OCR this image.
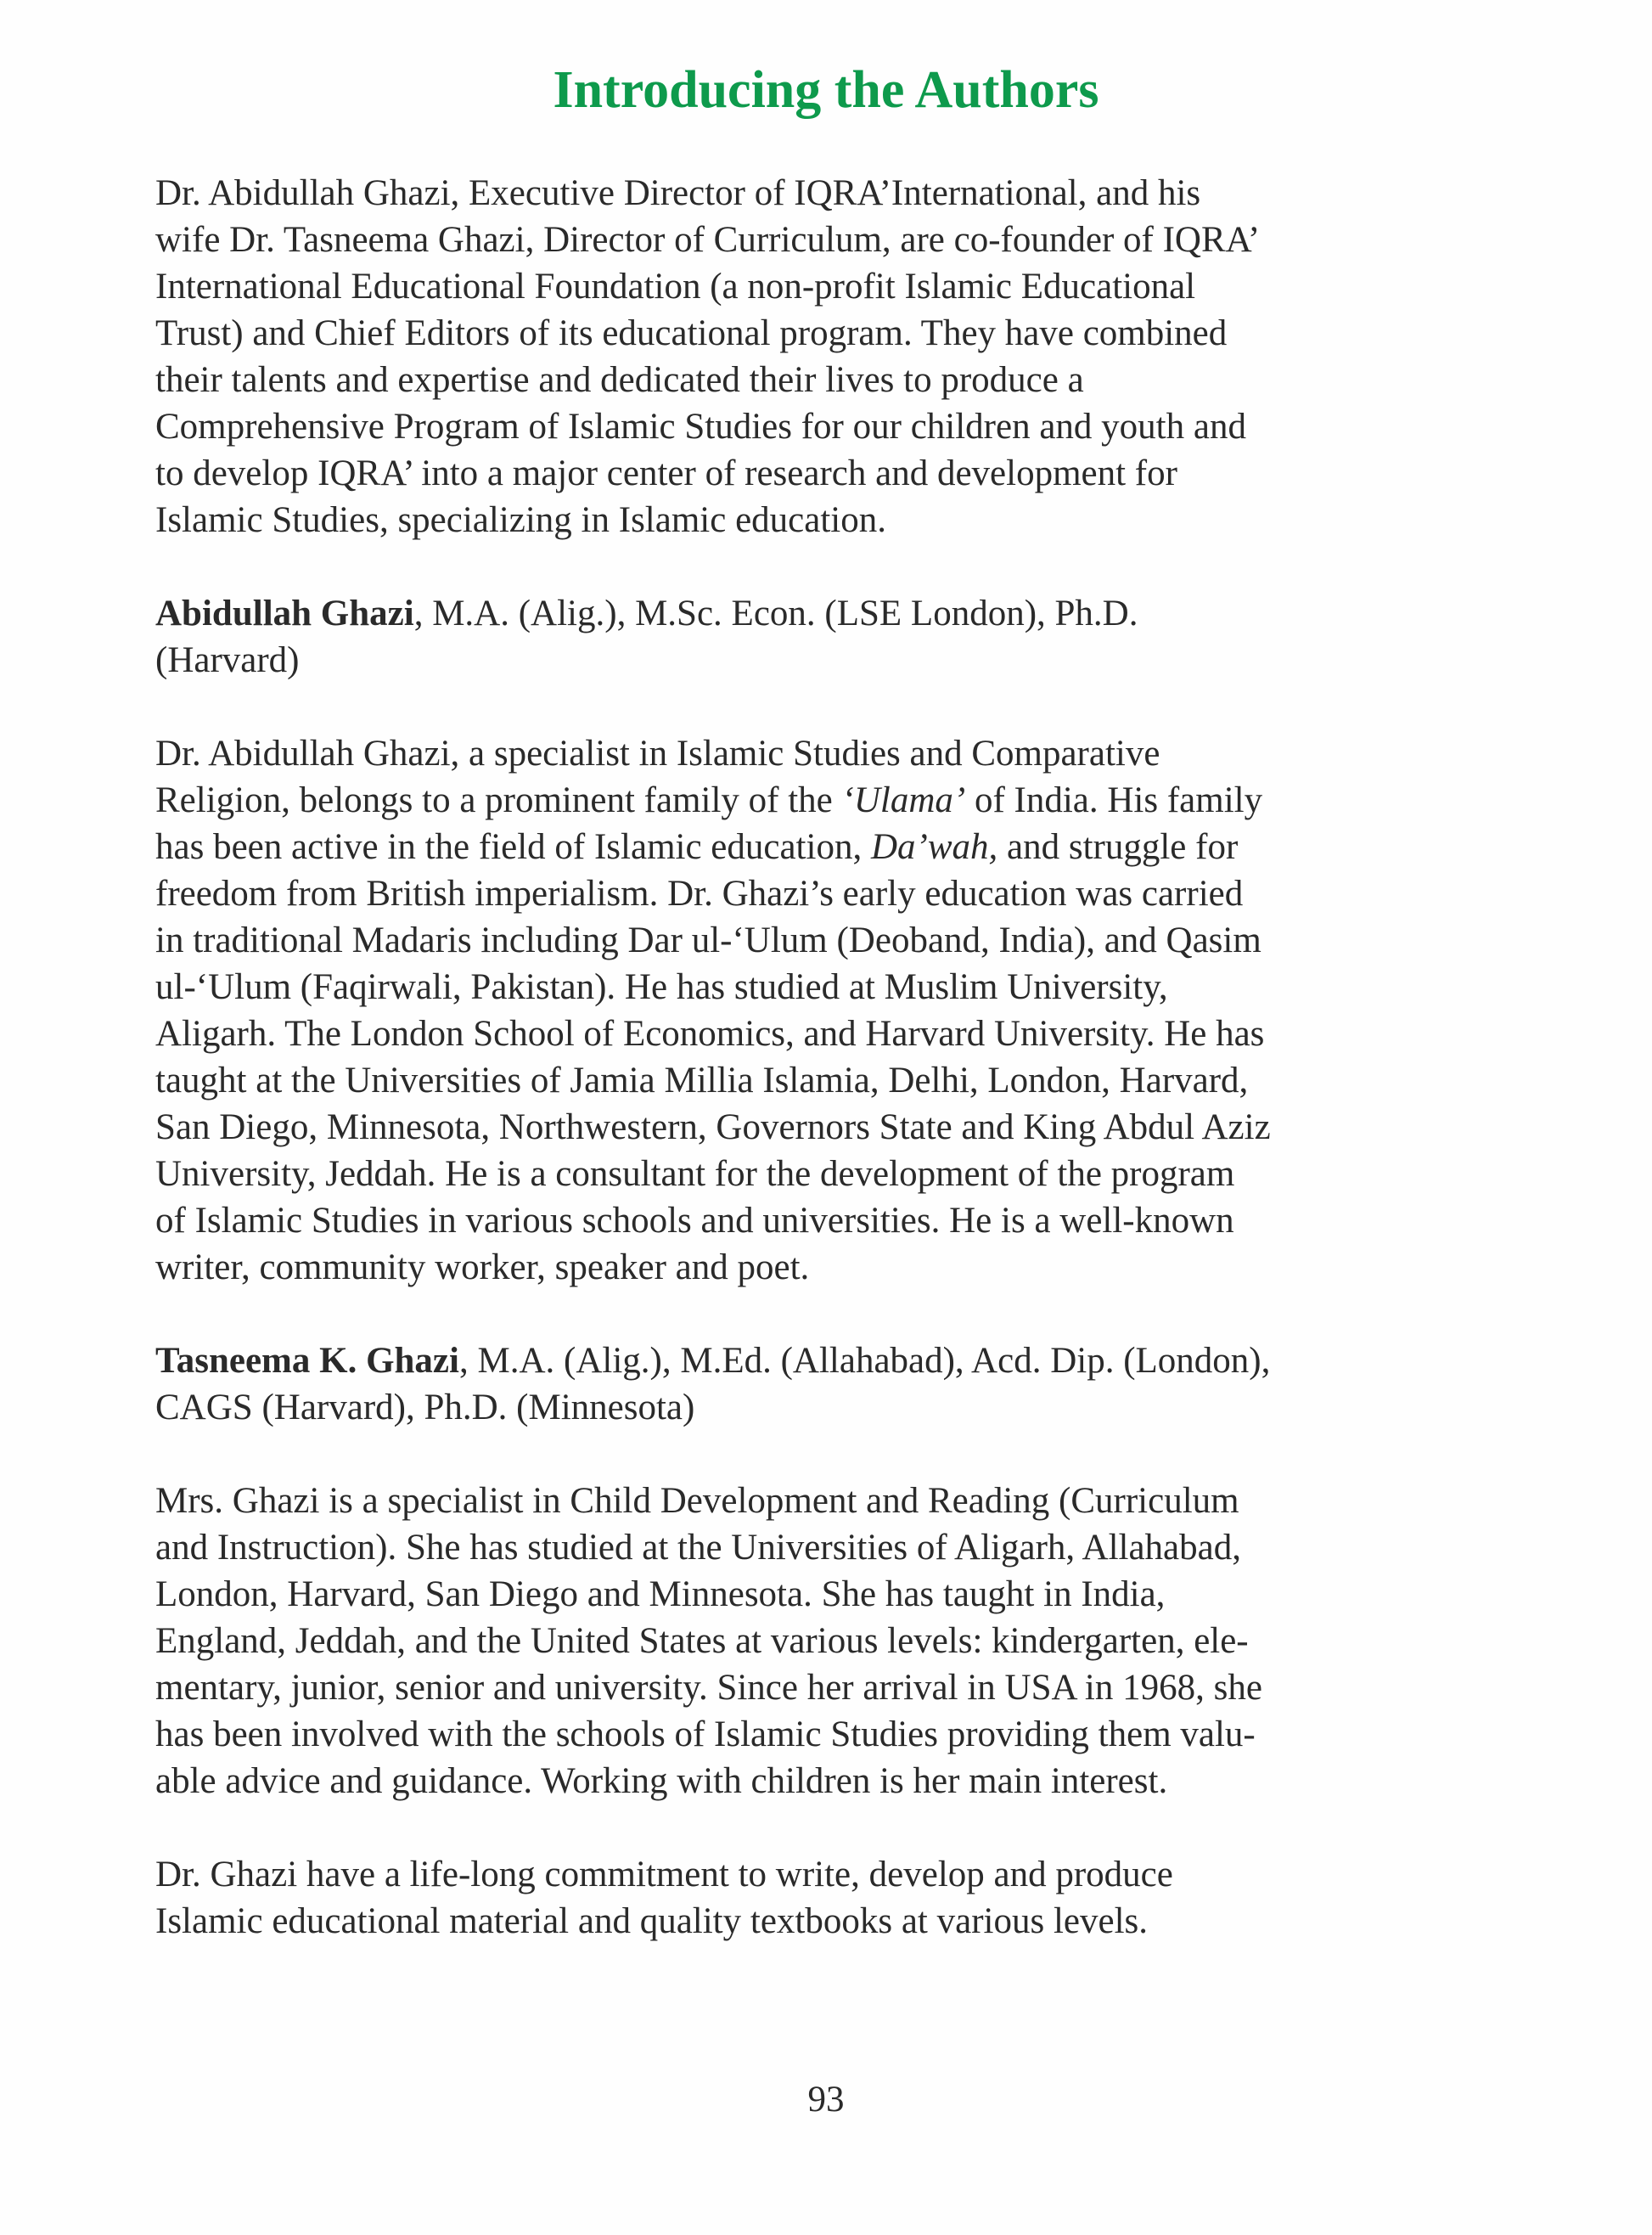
Introducing the Authors

Dr. Abidullah Ghazi, Executive Director of IQRA’International, and his
wife Dr. Tasneema Ghazi, Director of Curriculum, are co-founder of IQRA’
International Educational Foundation (a non-profit Islamic Educational
Trust) and Chief Editors of its educational program. They have combined
their talents and expertise and dedicated their lives to produce a
Comprehensive Program of Islamic Studies for our children and youth and
to develop IQRA’ into a major center of research and development for
Islamic Studies, specializing in Islamic education.

Abidullah Ghazi, M.A. (Alig.), M.Sc. Econ. (LSE London), Ph.D.
(Harvard)

Dr. Abidullah Ghazi, a specialist in Islamic Studies and Comparative
Religion, belongs to a prominent family of the ‘Ulama’ of India. His family
has been active in the field of Islamic education, Da’wah, and struggle for
freedom from British imperialism. Dr. Ghazi’s early education was carried
in traditional Madaris including Dar ul-‘Ulum (Deoband, India), and Qasim
ul-‘Ulum (Faqirwali, Pakistan). He has studied at Muslim University,
Aligarh. The London School of Economics, and Harvard University. He has
taught at the Universities of Jamia Millia Islamia, Delhi, London, Harvard,
San Diego, Minnesota, Northwestern, Governors State and King Abdul Aziz
University, Jeddah. He is a consultant for the development of the program
of Islamic Studies in various schools and universities. He is a well-known
writer, community worker, speaker and poet.

Tasneema K. Ghazi, M.A. (Alig.), M.Ed. (Allahabad), Acd. Dip. (London),
CAGS (Harvard), Ph.D. (Minnesota)

Mrs. Ghazi is a specialist in Child Development and Reading (Curriculum
and Instruction). She has studied at the Universities of Aligarh, Allahabad,
London, Harvard, San Diego and Minnesota. She has taught in India,
England, Jeddah, and the United States at various levels: kindergarten, ele-
mentary, junior, senior and university. Since her arrival in USA in 1968, she
has been involved with the schools of Islamic Studies providing them valu-
able advice and guidance. Working with children is her main interest.

Dr. Ghazi have a life-long commitment to write, develop and produce
Islamic educational material and quality textbooks at various levels.

93
